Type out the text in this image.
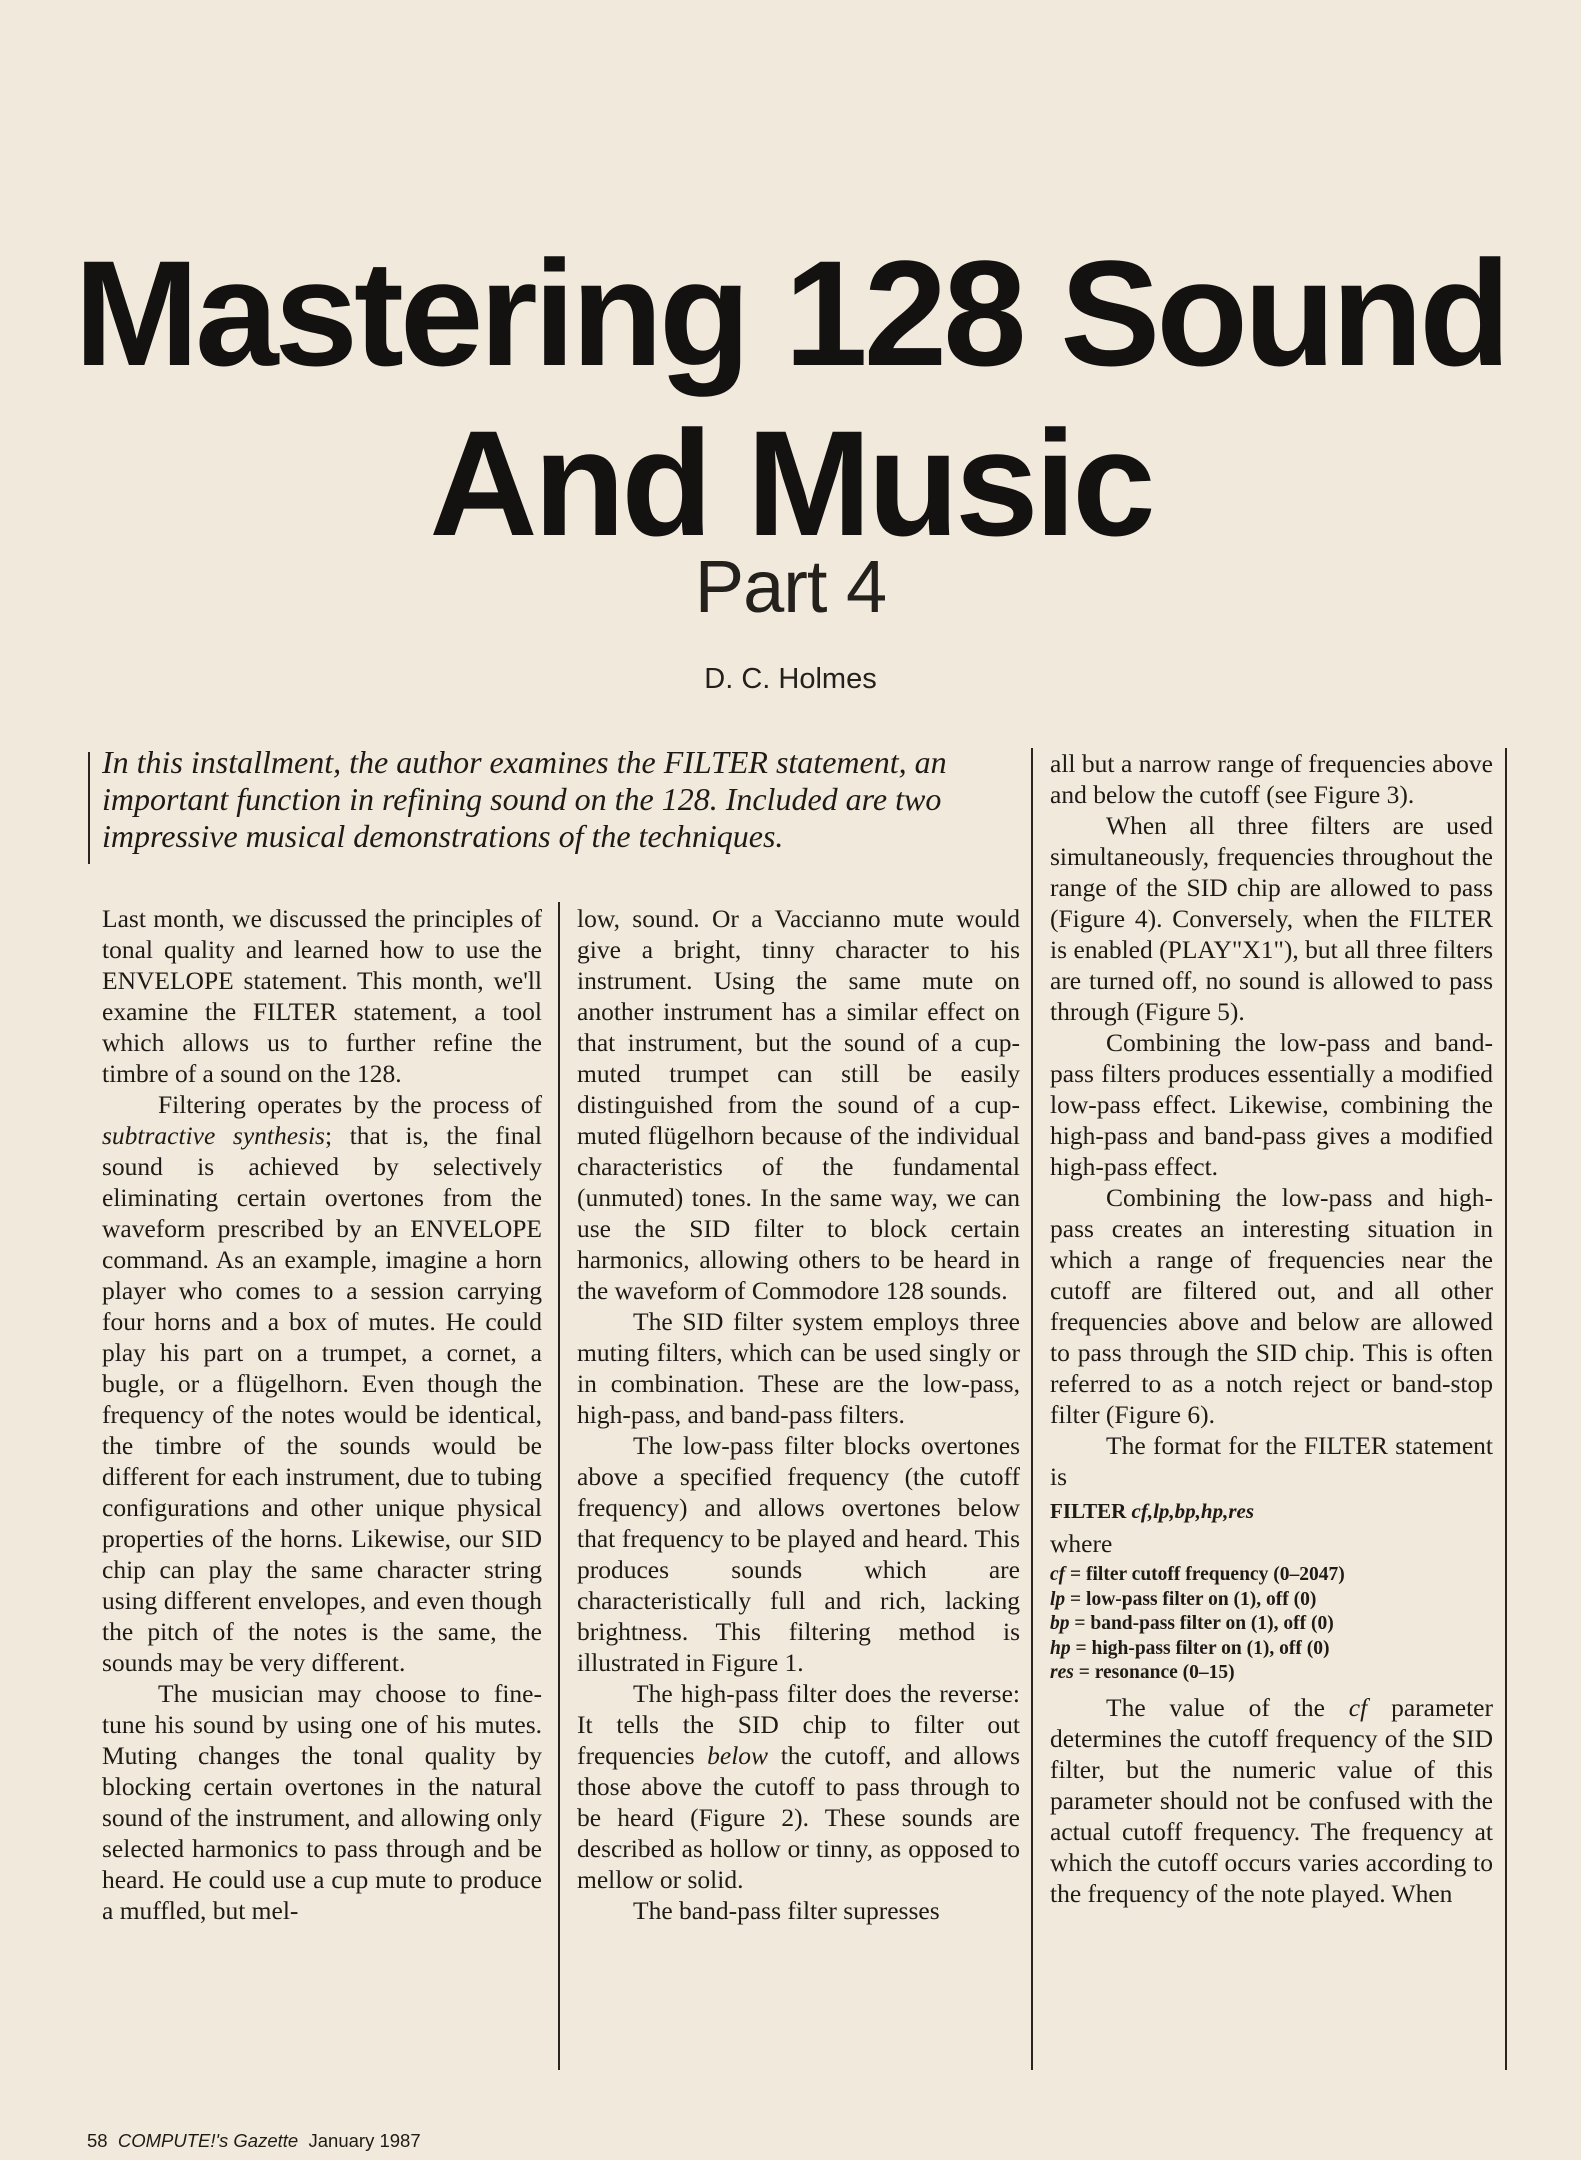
Mastering 128 Sound
And Music
Part 4
D. C. Holmes
In this installment, the author examines the FILTER statement, an important function in refining sound on the 128. Included are two impressive musical demonstrations of the techniques.

Last month, we discussed the principles of tonal quality and learned how to use the ENVELOPE statement. This month, we'll examine the FILTER statement, a tool which allows us to further refine the timbre of a sound on the 128.

Filtering operates by the process of subtractive synthesis; that is, the final sound is achieved by selectively eliminating certain overtones from the waveform prescribed by an ENVELOPE command. As an example, imagine a horn player who comes to a session carrying four horns and a box of mutes. He could play his part on a trumpet, a cornet, a bugle, or a flügelhorn. Even though the frequency of the notes would be identical, the timbre of the sounds would be different for each instrument, due to tubing configurations and other unique physical properties of the horns. Likewise, our SID chip can play the same character string using different envelopes, and even though the pitch of the notes is the same, the sounds may be very different.

The musician may choose to fine-tune his sound by using one of his mutes. Muting changes the tonal quality by blocking certain overtones in the natural sound of the instrument, and allowing only selected harmonics to pass through and be heard. He could use a cup mute to produce a muffled, but mel-

low, sound. Or a Vaccianno mute would give a bright, tinny character to his instrument. Using the same mute on another instrument has a similar effect on that instrument, but the sound of a cup-muted trumpet can still be easily distinguished from the sound of a cup-muted flügelhorn because of the individual characteristics of the fundamental (unmuted) tones. In the same way, we can use the SID filter to block certain harmonics, allowing others to be heard in the waveform of Commodore 128 sounds.

The SID filter system employs three muting filters, which can be used singly or in combination. These are the low-pass, high-pass, and band-pass filters.

The low-pass filter blocks overtones above a specified frequency (the cutoff frequency) and allows overtones below that frequency to be played and heard. This produces sounds which are characteristically full and rich, lacking brightness. This filtering method is illustrated in Figure 1.

The high-pass filter does the reverse: It tells the SID chip to filter out frequencies below the cutoff, and allows those above the cutoff to pass through to be heard (Figure 2). These sounds are described as hollow or tinny, as opposed to mellow or solid.

The band-pass filter supresses

all but a narrow range of frequencies above and below the cutoff (see Figure 3).

When all three filters are used simultaneously, frequencies throughout the range of the SID chip are allowed to pass (Figure 4). Conversely, when the FILTER is enabled (PLAY"X1"), but all three filters are turned off, no sound is allowed to pass through (Figure 5).

Combining the low-pass and band-pass filters produces essentially a modified low-pass effect. Likewise, combining the high-pass and band-pass gives a modified high-pass effect.

Combining the low-pass and high-pass creates an interesting situation in which a range of frequencies near the cutoff are filtered out, and all other frequencies above and below are allowed to pass through the SID chip. This is often referred to as a notch reject or band-stop filter (Figure 6).

The format for the FILTER statement is

FILTER cf,lp,bp,hp,res

where

cf = filter cutoff frequency (0–2047)
lp = low-pass filter on (1), off (0)
bp = band-pass filter on (1), off (0)
hp = high-pass filter on (1), off (0)
res = resonance (0–15)

The value of the cf parameter determines the cutoff frequency of the SID filter, but the numeric value of this parameter should not be confused with the actual cutoff frequency. The frequency at which the cutoff occurs varies according to the frequency of the note played. When

58 COMPUTE!'s Gazette January 1987
